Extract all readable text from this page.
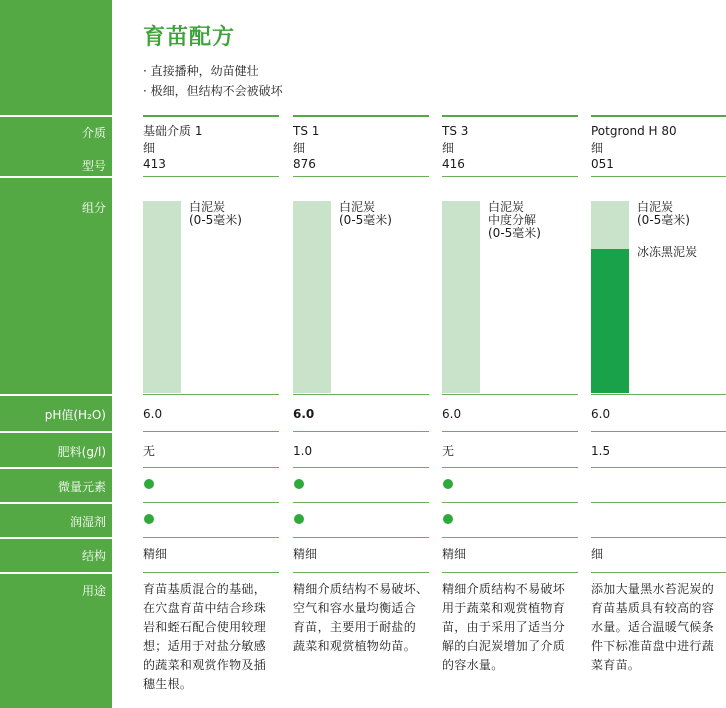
介质
型号
组分
pH值(H₂O)
肥料(g/l)
微量元素
润湿剂
结构
用途
育苗配方
· 直接播种，幼苗健壮
· 极细，但结构不会被破坏
基础介质 1
细
413
白泥炭
(0-5毫米)
6.0
无
精细
育苗基质混合的基础，
在穴盘育苗中结合珍珠
岩和蛭石配合使用较理
想；适用于对盐分敏感
的蔬菜和观赏作物及插
穗生根。
TS 1
细
876
白泥炭
(0-5毫米)
6.0
1.0
精细
精细介质结构不易破坏、
空气和容水量均衡适合
育苗，主要用于耐盐的
蔬菜和观赏植物幼苗。
TS 3
细
416
白泥炭
中度分解
(0-5毫米)
6.0
无
精细
精细介质结构不易破坏
用于蔬菜和观赏植物育
苗，由于采用了适当分
解的白泥炭增加了介质
的容水量。
Potgrond H 80
细
051
白泥炭
(0-5毫米)
冰冻黑泥炭
6.0
1.5
细
添加大量黑水苔泥炭的
育苗基质具有较高的容
水量。适合温暖气候条
件下标准苗盘中进行蔬
菜育苗。
